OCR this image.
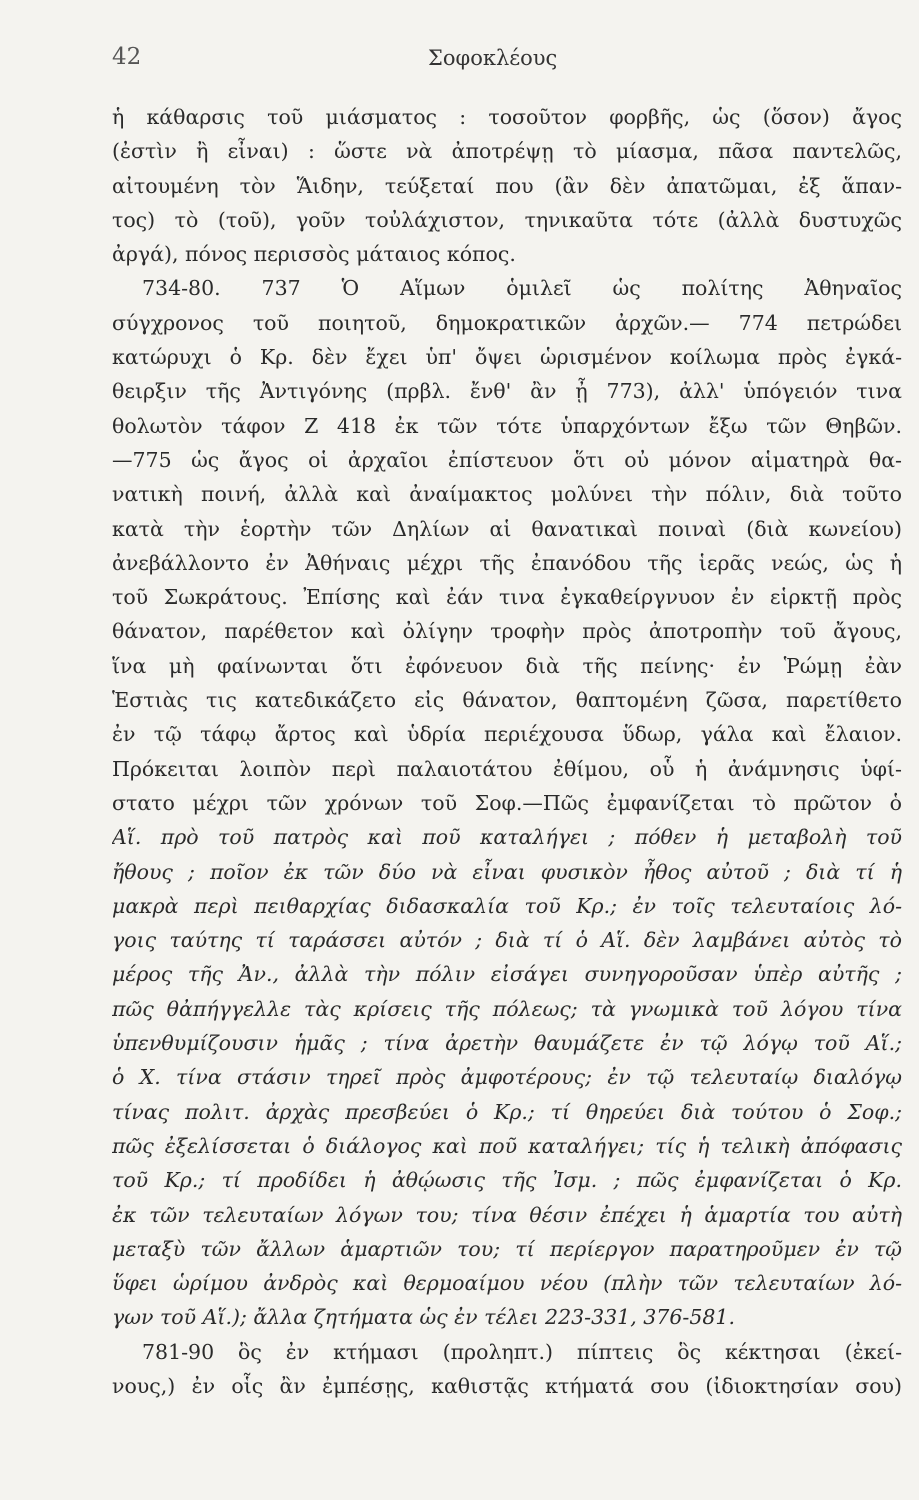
42	Σοφοκλέους
ἡ κάθαρσις τοῦ μιάσματος : τοσοῦτον φορβῆς, ὡς (ὅσον) ἄγος
(ἐστὶν ἢ εἶναι) : ὥστε νὰ ἀποτρέψῃ τὸ μίασμα, πᾶσα παντελῶς,
αἰτουμένη τὸν Ἅιδην, τεύξεταί που (ἂν δὲν ἀπατῶμαι, ἐξ ἅπαν-
τος) τὸ (τοῦ), γοῦν τοὐλάχιστον, τηνικαῦτα τότε (ἀλλὰ δυστυχῶς
ἀργά), πόνος περισσὸς μάταιος κόπος.
734-80. 737 Ὁ Αἵμων ὁμιλεῖ ὡς πολίτης Ἀθηναῖος
σύγχρονος τοῦ ποιητοῦ, δημοκρατικῶν ἀρχῶν.— 774 πετρώδει
κατώρυχι ὁ Κρ. δὲν ἔχει ὑπ' ὄψει ὡρισμένον κοίλωμα πρὸς ἐγκά-
θειρξιν τῆς Ἀντιγόνης (πρβλ. ἔνθ' ἂν ᾖ 773), ἀλλ' ὑπόγειόν τινα
θολωτὸν τάφον Ζ 418 ἐκ τῶν τότε ὑπαρχόντων ἔξω τῶν Θηβῶν.
—775 ὡς ἄγος οἱ ἀρχαῖοι ἐπίστευον ὅτι οὐ μόνον αἱματηρὰ θα-
νατικὴ ποινή, ἀλλὰ καὶ ἀναίμακτος μολύνει τὴν πόλιν, διὰ τοῦτο
κατὰ τὴν ἑορτὴν τῶν Δηλίων αἱ θανατικαὶ ποιναὶ (διὰ κωνείου)
ἀνεβάλλοντο ἐν Ἀθήναις μέχρι τῆς ἐπανόδου τῆς ἱερᾶς νεώς, ὡς ἡ
τοῦ Σωκράτους. Ἐπίσης καὶ ἐάν τινα ἐγκαθείργνυον ἐν εἱρκτῇ πρὸς
θάνατον, παρέθετον καὶ ὀλίγην τροφὴν πρὸς ἀποτροπὴν τοῦ ἄγους,
ἵνα μὴ φαίνωνται ὅτι ἐφόνευον διὰ τῆς πείνης· ἐν Ῥώμῃ ἐὰν
Ἑστιὰς τις κατεδικάζετο εἰς θάνατον, θαπτομένη ζῶσα, παρετίθετο
ἐν τῷ τάφῳ ἄρτος καὶ ὑδρία περιέχουσα ὕδωρ, γάλα καὶ ἔλαιον.
Πρόκειται λοιπὸν περὶ παλαιοτάτου ἐθίμου, οὗ ἡ ἀνάμνησις ὑφί-
στατο μέχρι τῶν χρόνων τοῦ Σοφ.—Πῶς ἐμφανίζεται τὸ πρῶτον ὁ
Αἵ. πρὸ τοῦ πατρὸς καὶ ποῦ καταλήγει ; πόθεν ἡ μεταβολὴ τοῦ
ἤθους ; ποῖον ἐκ τῶν δύο νὰ εἶναι φυσικὸν ἦθος αὐτοῦ ; διὰ τί ἡ
μακρὰ περὶ πειθαρχίας διδασκαλία τοῦ Κρ.; ἐν τοῖς τελευταίοις λό-
γοις ταύτης τί ταράσσει αὐτόν ; διὰ τί ὁ Αἵ. δὲν λαμβάνει αὐτὸς τὸ
μέρος τῆς Ἀν., ἀλλὰ τὴν πόλιν εἰσάγει συνηγοροῦσαν ὑπὲρ αὐτῆς ;
πῶς θἀπήγγελλε τὰς κρίσεις τῆς πόλεως; τὰ γνωμικὰ τοῦ λόγου τίνα
ὑπενθυμίζουσιν ἡμᾶς ; τίνα ἀρετὴν θαυμάζετε ἐν τῷ λόγῳ τοῦ Αἵ.;
ὁ Χ. τίνα στάσιν τηρεῖ πρὸς ἀμφοτέρους; ἐν τῷ τελευταίῳ διαλόγῳ
τίνας πολιτ. ἀρχὰς πρεσβεύει ὁ Κρ.; τί θηρεύει διὰ τούτου ὁ Σοφ.;
πῶς ἐξελίσσεται ὁ διάλογος καὶ ποῦ καταλήγει; τίς ἡ τελικὴ ἀπόφασις
τοῦ Κρ.; τί προδίδει ἡ ἀθῴωσις τῆς Ἰσμ. ; πῶς ἐμφανίζεται ὁ Κρ.
ἐκ τῶν τελευταίων λόγων του; τίνα θέσιν ἐπέχει ἡ ἁμαρτία του αὐτὴ
μεταξὺ τῶν ἄλλων ἁμαρτιῶν του; τί περίεργον παρατηροῦμεν ἐν τῷ
ὕφει ὡρίμου ἀνδρὸς καὶ θερμοαίμου νέου (πλὴν τῶν τελευταίων λό-
γων τοῦ Αἵ.); ἄλλα ζητήματα ὡς ἐν τέλει 223-331, 376-581.
781-90 ὃς ἐν κτήμασι (προληπτ.) πίπτεις ὃς κέκτησαι (ἐκεί-
νους,) ἐν οἷς ἂν ἐμπέσῃς, καθιστᾷς κτήματά σου (ἰδιοκτησίαν σου)
